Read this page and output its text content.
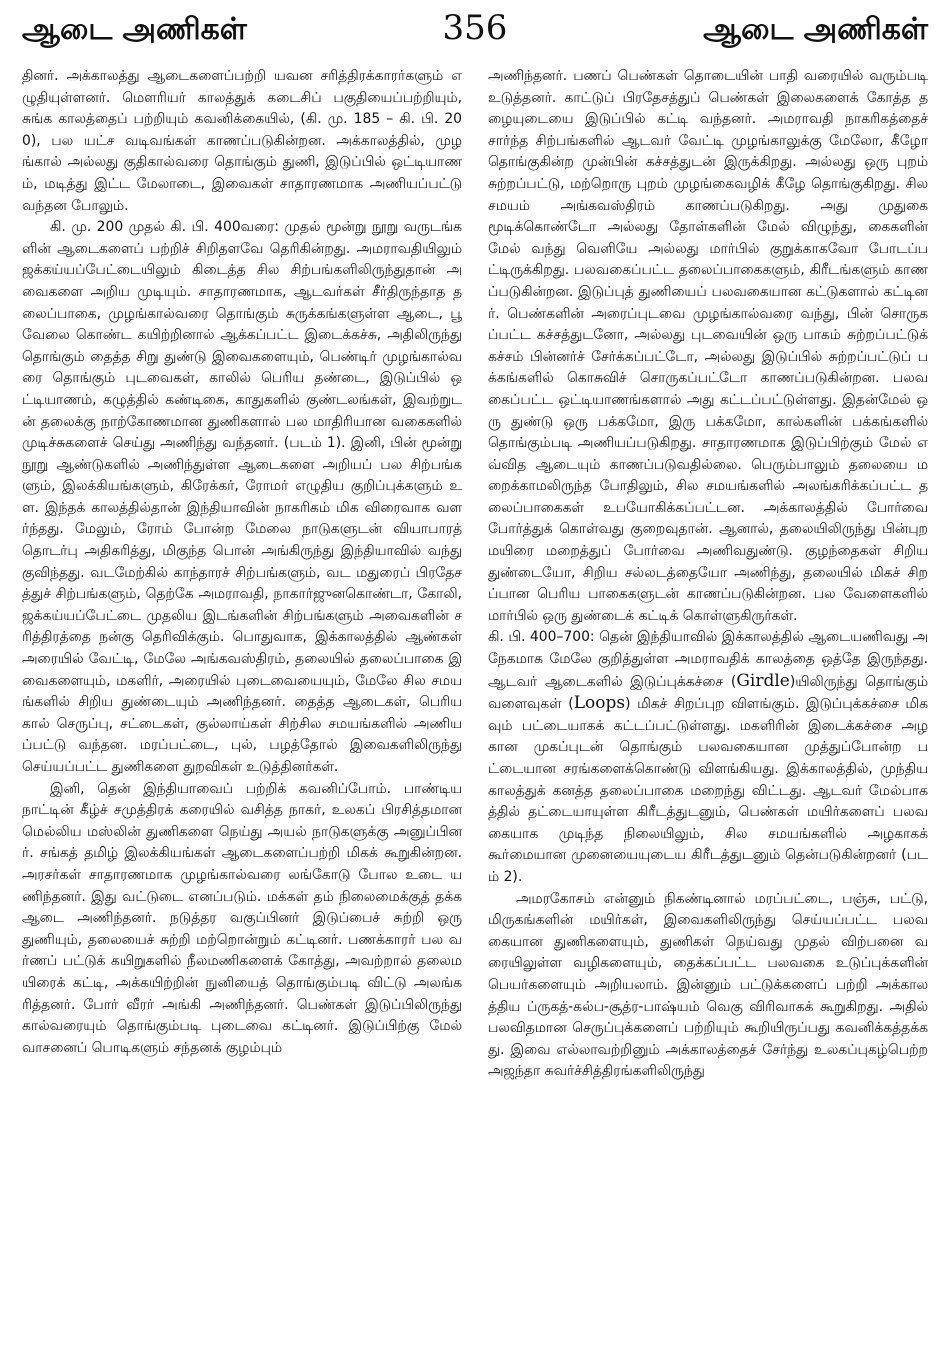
ஆடை அணிகள்	356	ஆடை அணிகள்

தினர். அக்காலத்து ஆடைகளைப்பற்றி யவன சரித்திரக்காரர்களும் எழுதியுள்ளனர். மௌரியர் காலத்துக் கடைசிப் பகுதியைப்பற்றியும், சுங்க காலத்தைப் பற்றியும் கவனிக்கையில், (கி. மு. 185 – கி. பி. 200), பல யட்ச வடிவங்கள் காணப்படுகின்றன. அக்காலத்தில், முழங்கால் அல்லது குதிகால்வரை தொங்கும் துணி, இடுப்பில் ஒட்டியாணம், மடித்து இட்ட மேலாடை, இவைகள் சாதாரணமாக அணியப்பட்டு வந்தன போலும்.

கி. மு. 200 முதல் கி. பி. 400வரை: முதல் மூன்று நூறு வருடங்களின் ஆடைகளைப் பற்றிச் சிறிதளவே தெரிகின்றது. அமராவதியிலும் ஜக்கய்யப்பேட்டையிலும் கிடைத்த சில சிற்பங்களிலிருந்துதான் அவைகளை அறிய முடியும். சாதாரணமாக, ஆடவர்கள் சீர்திருந்தாத தலைப்பாகை, முழங்கால்வரை தொங்கும் சுருக்கங்களுள்ள ஆடை, பூ வேலை கொண்ட கயிற்றினால் ஆக்கப்பட்ட இடைக்கச்சு, அதிலிருந்து தொங்கும் தைத்த சிறு துண்டு இவைகளையும், பெண்டிர் முழங்கால்வரை தொங்கும் புடவைகள், காலில் பெரிய தண்டை, இடுப்பில் ஒட்டியாணம், கழுத்தில் கண்டிகை, காதுகளில் குண்டலங்கள், இவற்றுடன் தலைக்கு நாற்கோணமான துணிகளால் பல மாதிரியான வகைகளில் முடிச்சுகளைச் செய்து அணிந்து வந்தனர். (படம் 1). இனி, பின் மூன்று நூறு ஆண்டுகளில் அணிந்துள்ள ஆடைகளை அறியப் பல சிற்பங்களும், இலக்கியங்களும், கிரேக்கர், ரோமர் எழுதிய குறிப்புக்களும் உள. இந்தக் காலத்தில்தான் இந்தியாவின் நாகரிகம் மிக விரைவாக வளர்ந்தது. மேலும், ரோம் போன்ற மேலை நாடுகளுடன் வியாபாரத் தொடர்பு அதிகரித்து, மிகுந்த பொன் அங்கிருந்து இந்தியாவில் வந்து குவிந்தது. வடமேற்கில் காந்தாரச் சிற்பங்களும், வட மதுரைப் பிரதேசத்துச் சிற்பங்களும், தெற்கே அமராவதி, நாகார்ஜுனகொண்டா, கோலி, ஜக்கய்யப்பேட்டை முதலிய இடங்களின் சிற்பங்களும் அவைகளின் சரித்திரத்தை நன்கு தெரிவிக்கும். பொதுவாக, இக்காலத்தில் ஆண்கள் அரையில் வேட்டி, மேலே அங்கவஸ்திரம், தலையில் தலைப்பாகை இவைகளையும், மகளிர், அரையில் புடைவையையும், மேலே சில சமயங்களில் சிறிய துண்டையும் அணிந்தனர். தைத்த ஆடைகள், பெரியகால் செருப்பு, சட்டைகள், குல்லாய்கள் சிற்சில சமயங்களில் அணியப்பட்டு வந்தன. மரப்பட்டை, புல், பழத்தோல் இவைகளிலிருந்து செய்யப்பட்ட துணிகளை துறவிகள் உடுத்தினர்கள்.

இனி, தென் இந்தியாவைப் பற்றிக் கவனிப்போம். பாண்டிய நாட்டின் கீழ்ச் சமுத்திரக் கரையில் வசித்த நாகர், உலகப் பிரசித்தமான மெல்லிய மஸ்லின் துணிகளை நெய்து அயல் நாடுகளுக்கு அனுப்பினர். சங்கத் தமிழ் இலக்கியங்கள் ஆடைகளைப்பற்றி மிகக் கூறுகின்றன. அரசர்கள் சாதாரணமாக முழங்கால்வரை லங்கோடு போல உடை யணிந்தனர். இது வட்டுடை எனப்படும். மக்கள் தம் நிலைமைக்குத் தக்க ஆடை அணிந்தனர். நடுத்தர வகுப்பினர் இடுப்பைச் சுற்றி ஒரு துணியும், தலையைச் சுற்றி மற்றொன்றும் கட்டினர். பணக்காரர் பல வர்ணப் பட்டுக் கயிறுகளில் நீலமணிகளைக் கோத்து, அவற்றால் தலைமயிரைக் கட்டி, அக்கயிற்றின் நுனியைத் தொங்கும்படி விட்டு அலங்கரித்தனர். போர் வீரர் அங்கி அணிந்தனர். பெண்கள் இடுப்பிலிருந்து கால்வரையும் தொங்கும்படி புடைவை கட்டினர். இடுப்பிற்கு மேல் வாசனைப் பொடிகளும் சந்தனக் குழம்பும்

அணிந்தனர். பணப் பெண்கள் தொடையின் பாதி வரையில் வரும்படி உடுத்தனர். காட்டுப் பிரதேசத்துப் பெண்கள் இலைகளைக் கோத்த தழையுடையை இடுப்பில் கட்டி வந்தனர். அமராவதி நாகரிகத்தைச் சார்ந்த சிற்பங்களில் ஆடவர் வேட்டி முழங்காலுக்கு மேலோ, கீழோ தொங்குகின்ற முன்பின் கச்சத்துடன் இருக்கிறது. அல்லது ஒரு புறம் சுற்றப்பட்டு, மற்றொரு புறம் முழங்கைவழிக் கீழே தொங்குகிறது. சில சமயம் அங்கவஸ்திரம் காணப்படுகிறது. அது முதுகை மூடிக்கொண்டோ அல்லது தோள்களின் மேல் விழுந்து, கைகளின் மேல் வந்து வெளியே அல்லது மார்பில் குறுக்காகவோ போடப்பட்டிருக்கிறது. பலவகைப்பட்ட தலைப்பாகைகளும், கிரீடங்களும் காணப்படுகின்றன. இடுப்புத் துணியைப் பலவகையான கட்டுகளால் கட்டினர். பெண்களின் அரைப்புடவை முழங்கால்வரை வந்து, பின் சொருகப்பட்ட கச்சத்துடனோ, அல்லது புடவையின் ஒரு பாகம் சுற்றப்பட்டுக் கச்சம் பின்னர்ச் சேர்க்கப்பட்டோ, அல்லது இடுப்பில் சுற்றப்பட்டுப் பக்கங்களில் கொசுவிச் சொருகப்பட்டோ காணப்படுகின்றன. பலவகைப்பட்ட ஒட்டியாணங்களால் அது கட்டப்பட்டுள்ளது. இதன்மேல் ஒரு துண்டு ஒரு பக்கமோ, இரு பக்கமோ, கால்களின் பக்கங்களில் தொங்கும்படி அணியப்படுகிறது. சாதாரணமாக இடுப்பிற்கும் மேல் எவ்வித ஆடையும் காணப்படுவதில்லை. பெரும்பாலும் தலையை மறைக்காமலிருந்த போதிலும், சில சமயங்களில் அலங்கரிக்கப்பட்ட தலைப்பாகைகள் உபயோகிக்கப்பட்டன. அக்காலத்தில் போர்வை போர்த்துக் கொள்வது குறைவுதான். ஆனால், தலையிலிருந்து பின்புற மயிரை மறைத்துப் போர்வை அணிவதுண்டு. குழந்தைகள் சிறிய துண்டையோ, சிறிய சல்லடத்தையோ அணிந்து, தலையில் மிகச் சிறப்பான பெரிய பாகைகளுடன் காணப்படுகின்றன. பல வேளைகளில் மார்பில் ஒரு துண்டைக் கட்டிக் கொள்ளுகிருர்கள்.

கி. பி. 400–700: தென் இந்தியாவில் இக்காலத்தில் ஆடையணிவது அநேகமாக மேலே குறித்துள்ள அமராவதிக் காலத்தை ஒத்தே இருந்தது. ஆடவர் ஆடைகளில் இடுப்புக்கச்சை (Girdle)யிலிருந்து தொங்கும் வளைவுகள் (Loops) மிகச் சிறப்புற விளங்கும். இடுப்புக்கச்சை மிகவும் பட்டையாகக் கட்டப்பட்டுள்ளது. மகளிரின் இடைக்கச்சை அழகான முகப்புடன் தொங்கும் பலவகையான முத்துப்போன்ற பட்டையான சரங்களைக்கொண்டு விளங்கியது. இக்காலத்தில், முந்திய காலத்துக் கனத்த தலைப்பாகை மறைந்து விட்டது. ஆடவர் மேல்பாகத்தில் தட்டையாயுள்ள கிரீடத்துடனும், பெண்கள் மயிர்களைப் பலவகையாக முடிந்த நிலையிலும், சில சமயங்களில் அழகாகக் கூர்மையான முனையையுடைய கிரீடத்துடனும் தென்படுகின்றனர் (படம் 2).

அமரகோசம் என்னும் நிகண்டினால் மரப்பட்டை, பஞ்சு, பட்டு, மிருகங்களின் மயிர்கள், இவைகளிலிருந்து செய்யப்பட்ட பலவகையான துணிகளையும், துணிகள் நெய்வது முதல் விற்பனை வரையிலுள்ள வழிகளையும், தைக்கப்பட்ட பலவகை உடுப்புக்களின் பெயர்களையும் அறியலாம். இன்னும் பட்டுக்களைப் பற்றி அக்காலத்திய ப்ருகத்-கல்ப-சூத்ர-பாஷ்யம் வெகு விரிவாகக் கூறுகிறது. அதில் பலவிதமான செருப்புக்களைப் பற்றியும் கூறியிருப்பது கவனிக்கத்தக்கது. இவை எல்லாவற்றினும் அக்காலத்தைச் சேர்ந்து உலகப்புகழ்பெற்ற அஜந்தா சுவர்ச்சித்திரங்களிலிருந்து
